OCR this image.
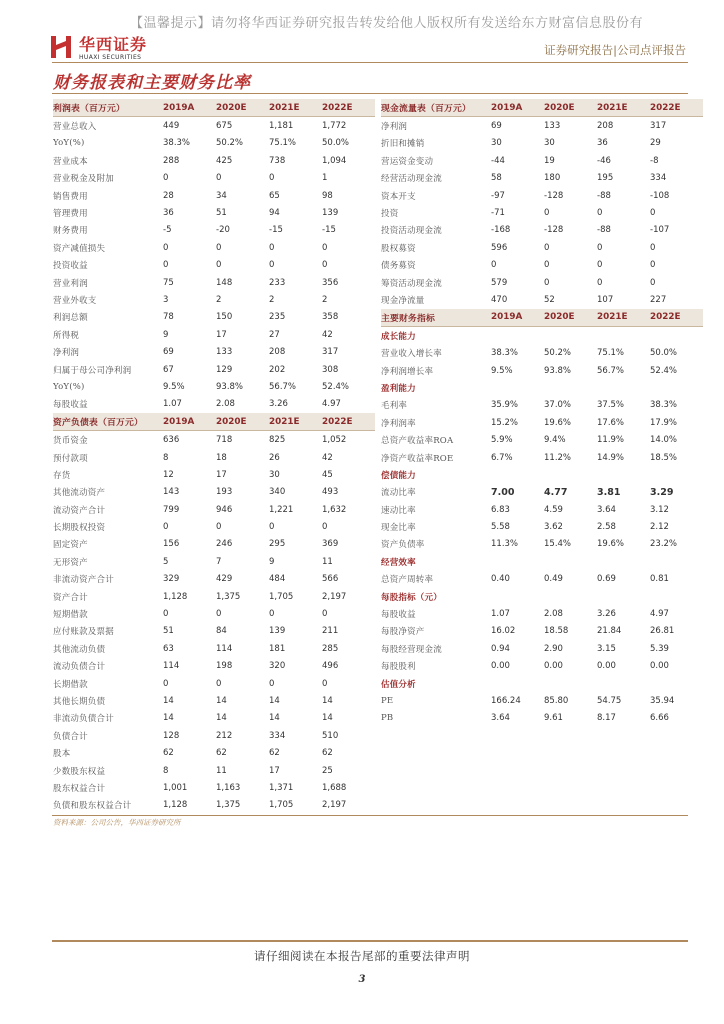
【温馨提示】请勿将华西证券研究报告转发给他人版权所有发送给东方财富信息股份有
华西证券
HUAXI SECURITIES
证券研究报告|公司点评报告
财务报表和主要财务比率
利润表（百万元）	2019A	2020E	2021E	2022E
营业总收入	449	675	1,181	1,772
YoY(%)	38.3%	50.2%	75.1%	50.0%
营业成本	288	425	738	1,094
营业税金及附加	0	0	0	1
销售费用	28	34	65	98
管理费用	36	51	94	139
财务费用	-5	-20	-15	-15
资产减值损失	0	0	0	0
投资收益	0	0	0	0
营业利润	75	148	233	356
营业外收支	3	2	2	2
利润总额	78	150	235	358
所得税	9	17	27	42
净利润	69	133	208	317
归属于母公司净利润	67	129	202	308
YoY(%)	9.5%	93.8%	56.7%	52.4%
每股收益	1.07	2.08	3.26	4.97
资产负债表（百万元）	2019A	2020E	2021E	2022E
货币资金	636	718	825	1,052
预付款项	8	18	26	42
存货	12	17	30	45
其他流动资产	143	193	340	493
流动资产合计	799	946	1,221	1,632
长期股权投资	0	0	0	0
固定资产	156	246	295	369
无形资产	5	7	9	11
非流动资产合计	329	429	484	566
资产合计	1,128	1,375	1,705	2,197
短期借款	0	0	0	0
应付账款及票据	51	84	139	211
其他流动负债	63	114	181	285
流动负债合计	114	198	320	496
长期借款	0	0	0	0
其他长期负债	14	14	14	14
非流动负债合计	14	14	14	14
负债合计	128	212	334	510
股本	62	62	62	62
少数股东权益	8	11	17	25
股东权益合计	1,001	1,163	1,371	1,688
负债和股东权益合计	1,128	1,375	1,705	2,197
现金流量表（百万元）	2019A	2020E	2021E	2022E
净利润	69	133	208	317
折旧和摊销	30	30	36	29
营运资金变动	-44	19	-46	-8
经营活动现金流	58	180	195	334
资本开支	-97	-128	-88	-108
投资	-71	0	0	0
投资活动现金流	-168	-128	-88	-107
股权募资	596	0	0	0
债务募资	0	0	0	0
筹资活动现金流	579	0	0	0
现金净流量	470	52	107	227
主要财务指标	2019A	2020E	2021E	2022E
成长能力				
营业收入增长率	38.3%	50.2%	75.1%	50.0%
净利润增长率	9.5%	93.8%	56.7%	52.4%
盈利能力				
毛利率	35.9%	37.0%	37.5%	38.3%
净利润率	15.2%	19.6%	17.6%	17.9%
总资产收益率ROA	5.9%	9.4%	11.9%	14.0%
净资产收益率ROE	6.7%	11.2%	14.9%	18.5%
偿债能力				
流动比率	7.00	4.77	3.81	3.29
速动比率	6.83	4.59	3.64	3.12
现金比率	5.58	3.62	2.58	2.12
资产负债率	11.3%	15.4%	19.6%	23.2%
经营效率				
总资产周转率	0.40	0.49	0.69	0.81
每股指标（元）				
每股收益	1.07	2.08	3.26	4.97
每股净资产	16.02	18.58	21.84	26.81
每股经营现金流	0.94	2.90	3.15	5.39
每股股利	0.00	0.00	0.00	0.00
估值分析				
PE	166.24	85.80	54.75	35.94
PB	3.64	9.61	8.17	6.66
资料来源：公司公告，华西证券研究所
请仔细阅读在本报告尾部的重要法律声明
3
